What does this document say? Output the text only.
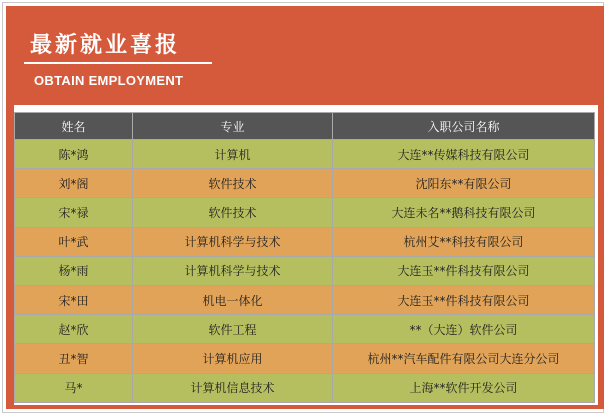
最新就业喜报
OBTAIN EMPLOYMENT
姓名	专业	入职公司名称
陈*鸿	计算机	大连**传媒科技有限公司
刘*阁	软件技术	沈阳东**有限公司
宋*禄	软件技术	大连未名**鹅科技有限公司
叶*武	计算机科学与技术	杭州艾**科技有限公司
杨*雨	计算机科学与技术	大连玉**件科技有限公司
宋*田	机电一体化	大连玉**件科技有限公司
赵*欣	软件工程	**（大连）软件公司
丑*智	计算机应用	杭州**汽车配件有限公司大连分公司
马*	计算机信息技术	上海**软件开发公司
